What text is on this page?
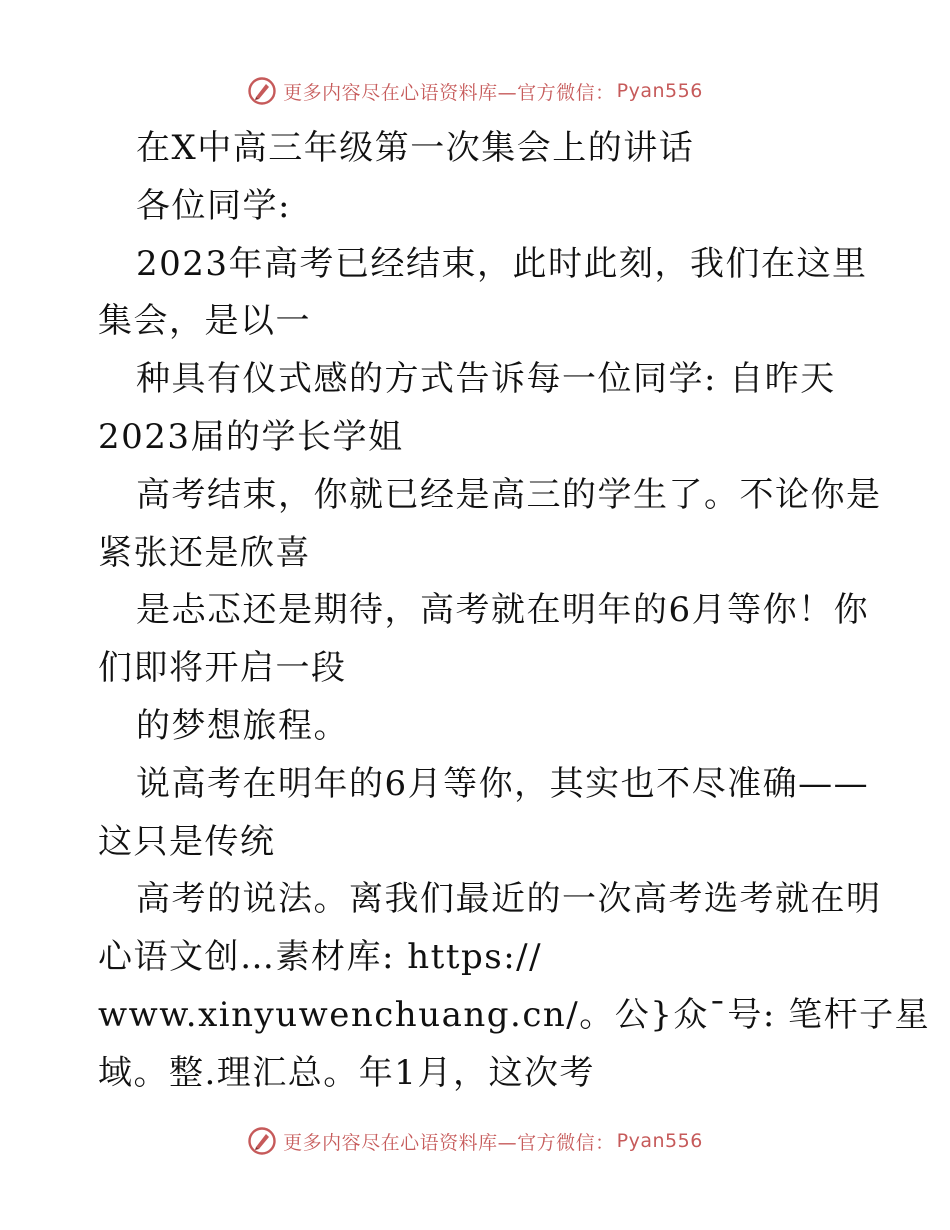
更多内容尽在心语资料库—官方微信： Pyan556
在X中高三年级第一次集会上的讲话
各位同学:
2023年高考已经结束，此时此刻，我们在这里
集会，是以一
种具有仪式感的方式告诉每一位同学: 自昨天
2023届的学长学姐
高考结束，你就已经是高三的学生了。不论你是
紧张还是欣喜
是忐忑还是期待，高考就在明年的6月等你！你
们即将开启一段
的梦想旅程。
说高考在明年的6月等你，其实也不尽准确——
这只是传统
高考的说法。离我们最近的一次高考选考就在明
心语文创…素材库: https://
www.xinyuwenchuang.cn/。公}众¯号: 笔杆子星
域。整.理汇总。年1月，这次考
更多内容尽在心语资料库—官方微信： Pyan556
